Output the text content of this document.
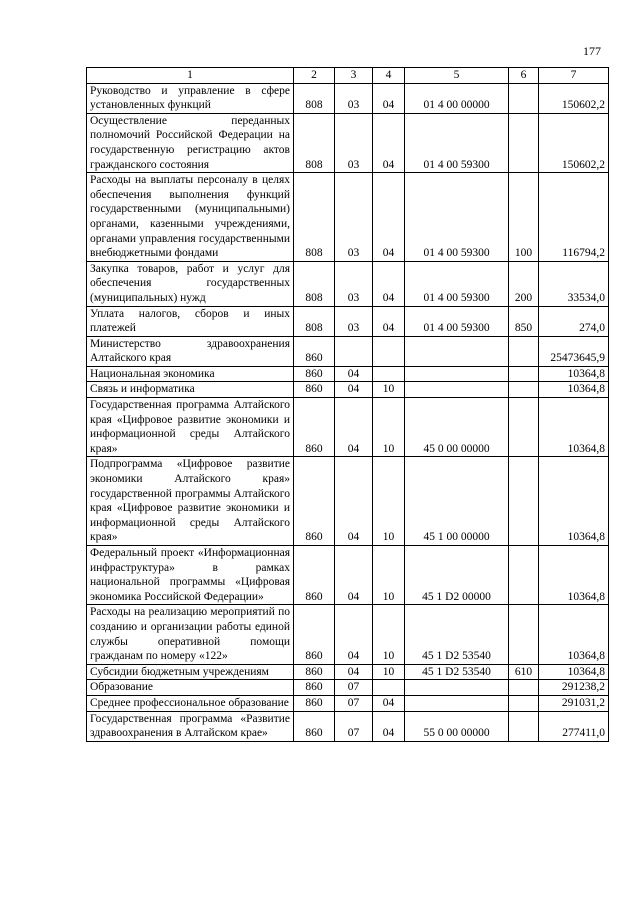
177
1	2	3	4	5	6	7
Руководство и управление в сфере установленных функций	808	03	04	01 4 00 00000		150602,2
Осуществление переданных полномочий Российской Федерации на государственную регистрацию актов гражданского состояния	808	03	04	01 4 00 59300		150602,2
Расходы на выплаты персоналу в целях обеспечения выполнения функций государственными (муниципальными) органами, казенными учреждениями, органами управления государственными внебюджетными фондами	808	03	04	01 4 00 59300	100	116794,2
Закупка товаров, работ и услуг для обеспечения государственных (муниципальных) нужд	808	03	04	01 4 00 59300	200	33534,0
Уплата налогов, сборов и иных платежей	808	03	04	01 4 00 59300	850	274,0
Министерство здравоохранения Алтайского края	860					25473645,9
Национальная экономика	860	04				10364,8
Связь и информатика	860	04	10			10364,8
Государственная программа Алтайского края «Цифровое развитие экономики и информационной среды Алтайского края»	860	04	10	45 0 00 00000		10364,8
Подпрограмма «Цифровое развитие экономики Алтайского края» государственной программы Алтайского края «Цифровое развитие экономики и информационной среды Алтайского края»	860	04	10	45 1 00 00000		10364,8
Федеральный проект «Информационная инфраструктура» в рамках национальной программы «Цифровая экономика Российской Федерации»	860	04	10	45 1 D2 00000		10364,8
Расходы на реализацию мероприятий по созданию и организации работы единой службы оперативной помощи гражданам по номеру «122»	860	04	10	45 1 D2 53540		10364,8
Субсидии бюджетным учреждениям	860	04	10	45 1 D2 53540	610	10364,8
Образование	860	07				291238,2
Среднее профессиональное образование	860	07	04			291031,2
Государственная программа «Развитие здравоохранения в Алтайском крае»	860	07	04	55 0 00 00000		277411,0
